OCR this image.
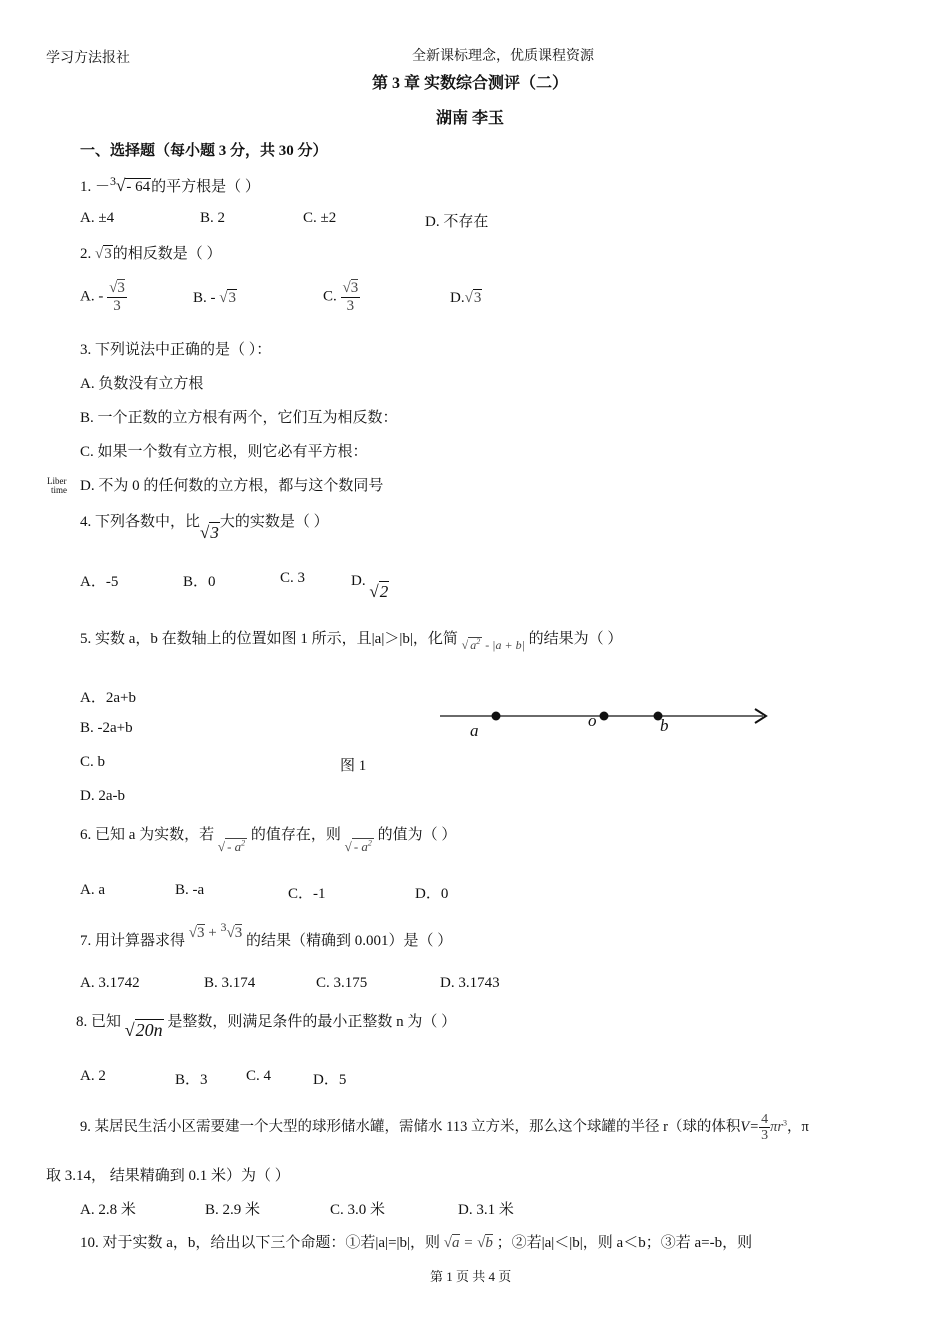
学习方法报社	全新课标理念，优质课程资源
第 3 章 实数综合测评（二）
湖南 李玉
一、选择题（每小题 3 分，共 30 分）
1. －$^3$√- 64的平方根是（ ）
A. ±4	B. 2	C. ±2	D. 不存在
2. √3的相反数是（ ）
A. - $\frac{√3}{3}$	B. - √3	C. $\frac{√3}{3}$	D.√3
3. 下列说法中正确的是（ ）：
A. 负数没有立方根
B. 一个正数的立方根有两个，它们互为相反数：
C. 如果一个数有立方根，则它必有平方根：
Liber
time D. 不为 0 的任何数的立方根，都与这个数同号
4. 下列各数中，比√3大的实数是（ ）
A．-5	B．0	C. 3	D. √2
5. 实数 a，b 在数轴上的位置如图 1 所示，且|a|＞|b|，化简 $_{√ a^2 - |a + b|}$ 的结果为（ ）
A．2a+b
B. -2a+b
C. b
D. 2a-b
图 1
a
o	b
6. 已知 a 为实数，若 √ - $a^2$ 的值存在，则 √ - $a^2$ 的值为（ ）
A. a	B. -a	C．-1	D．0
7. 用计算器求得 √3 + $^3$√3 的结果（精确到 0.001）是（ ）
A. 3.1742	B. 3.174	C. 3.175	D. 3.1743
8. 已知 √20n 是整数，则满足条件的最小正整数 n 为（ ）
A. 2	B．3	C. 4	D．5
9. 某居民生活小区需要建一个大型的球形储水罐，需储水 113 立方米，那么这个球罐的半径 r（球的体积$V= \frac{4}{3} \pi r^3$，π
取 3.14， 结果精确到 0.1 米）为（ ）
A. 2.8 米	B. 2.9 米	C. 3.0 米	D. 3.1 米
10. 对于实数 a，b，给出以下三个命题：①若|a|=|b|，则 √a = √b ；②若|a|＜|b|，则 a＜b；③若 a=-b，则
第 1 页 共 4 页
